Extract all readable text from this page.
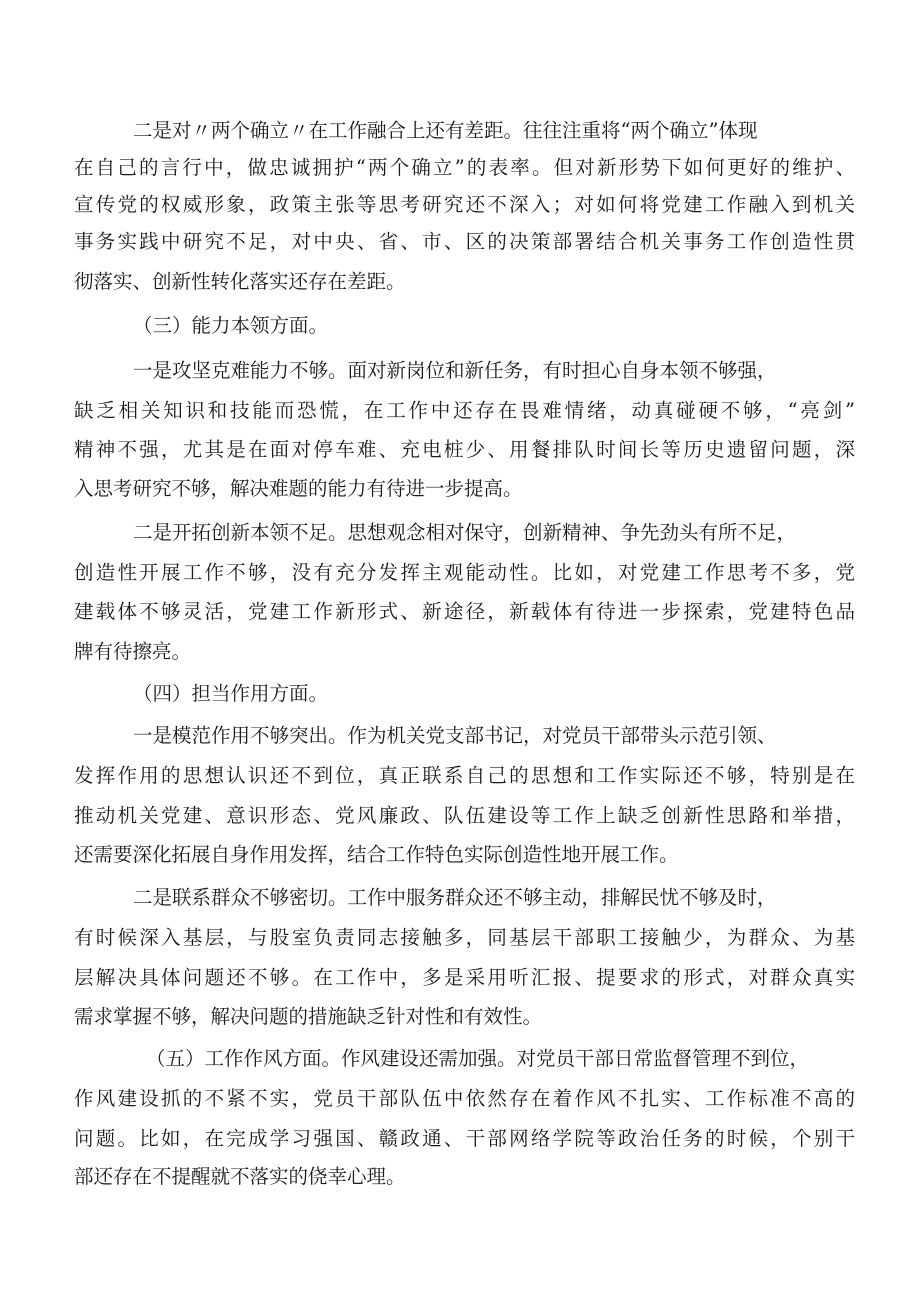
二是对〃两个确立〃在工作融合上还有差距。往往注重将“两个确立”体现
在自己的言行中，做忠诚拥护“两个确立”的表率。但对新形势下如何更好的维护、
宣传党的权威形象，政策主张等思考研究还不深入；对如何将党建工作融入到机关
事务实践中研究不足，对中央、省、市、区的决策部署结合机关事务工作创造性贯
彻落实、创新性转化落实还存在差距。
（三）能力本领方面。
一是攻坚克难能力不够。面对新岗位和新任务，有时担心自身本领不够强，
缺乏相关知识和技能而恐慌，在工作中还存在畏难情绪，动真碰硬不够，“亮剑”
精神不强，尤其是在面对停车难、充电桩少、用餐排队时间长等历史遗留问题，深
入思考研究不够，解决难题的能力有待进一步提高。
二是开拓创新本领不足。思想观念相对保守，创新精神、争先劲头有所不足，
创造性开展工作不够，没有充分发挥主观能动性。比如，对党建工作思考不多，党
建载体不够灵活，党建工作新形式、新途径，新载体有待进一步探索，党建特色品
牌有待擦亮。
（四）担当作用方面。
一是模范作用不够突出。作为机关党支部书记，对党员干部带头示范引领、
发挥作用的思想认识还不到位，真正联系自己的思想和工作实际还不够，特别是在
推动机关党建、意识形态、党风廉政、队伍建设等工作上缺乏创新性思路和举措，
还需要深化拓展自身作用发挥，结合工作特色实际创造性地开展工作。
二是联系群众不够密切。工作中服务群众还不够主动，排解民忧不够及时，
有时候深入基层，与股室负责同志接触多，同基层干部职工接触少，为群众、为基
层解决具体问题还不够。在工作中，多是采用听汇报、提要求的形式，对群众真实
需求掌握不够，解决问题的措施缺乏针对性和有效性。
（五）工作作风方面。作风建设还需加强。对党员干部日常监督管理不到位，
作风建设抓的不紧不实，党员干部队伍中依然存在着作风不扎实、工作标准不高的
问题。比如，在完成学习强国、赣政通、干部网络学院等政治任务的时候，个别干
部还存在不提醒就不落实的侥幸心理。
